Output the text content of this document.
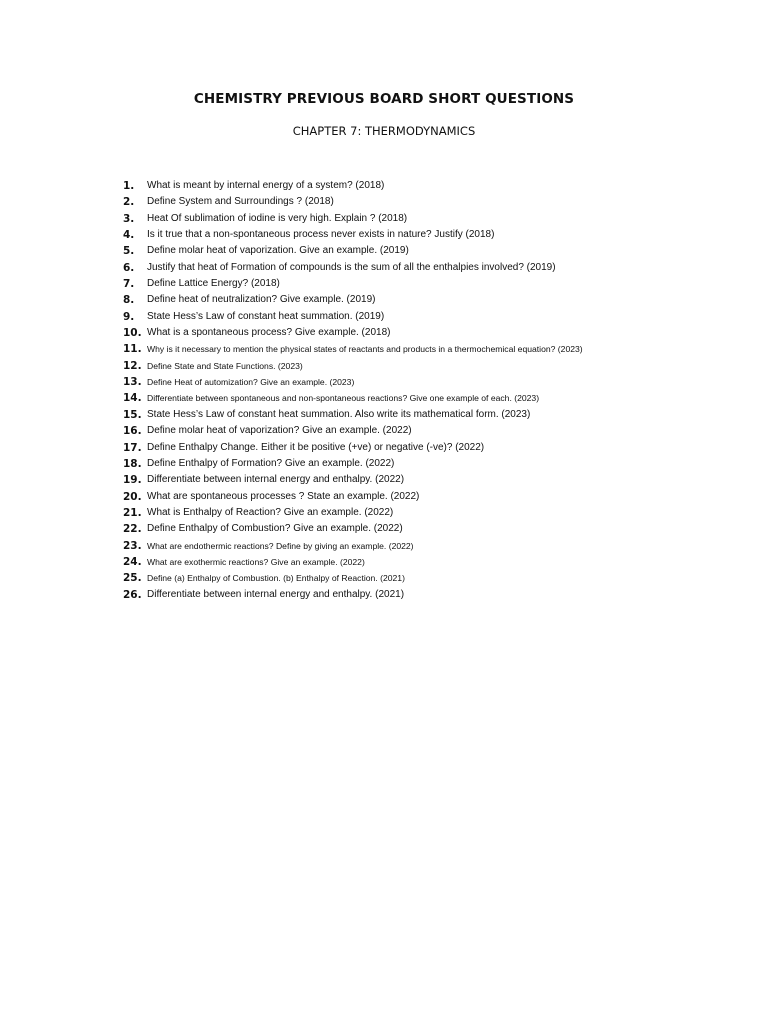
CHEMISTRY PREVIOUS BOARD SHORT QUESTIONS
CHAPTER 7: THERMODYNAMICS
1. What is meant by internal energy of a system? (2018)
2. Define System and Surroundings ? (2018)
3. Heat Of sublimation of iodine is very high. Explain ? (2018)
4. Is it true that a non-spontaneous process never exists in nature? Justify (2018)
5. Define molar heat of vaporization. Give an example. (2019)
6. Justify that heat of Formation of compounds is the sum of all the enthalpies involved? (2019)
7. Define Lattice Energy? (2018)
8. Define heat of neutralization? Give example. (2019)
9. State Hess’s Law of constant heat summation. (2019)
10. What is a spontaneous process? Give example. (2018)
11. Why is it necessary to mention the physical states of reactants and products in a thermochemical equation? (2023)
12. Define State and State Functions. (2023)
13. Define Heat of automization? Give an example. (2023)
14. Differentiate between spontaneous and non-spontaneous reactions? Give one example of each. (2023)
15. State Hess’s Law of constant heat summation. Also write its mathematical form. (2023)
16. Define molar heat of vaporization? Give an example. (2022)
17. Define Enthalpy Change. Either it be positive (+ve) or negative (-ve)? (2022)
18. Define Enthalpy of Formation? Give an example. (2022)
19. Differentiate between internal energy and enthalpy. (2022)
20. What are spontaneous processes ? State an example. (2022)
21. What is Enthalpy of Reaction? Give an example. (2022)
22. Define Enthalpy of Combustion? Give an example. (2022)
23. What are endothermic reactions? Define by giving an example. (2022)
24. What are exothermic reactions? Give an example. (2022)
25. Define (a) Enthalpy of Combustion. (b) Enthalpy of Reaction. (2021)
26. Differentiate between internal energy and enthalpy. (2021)
